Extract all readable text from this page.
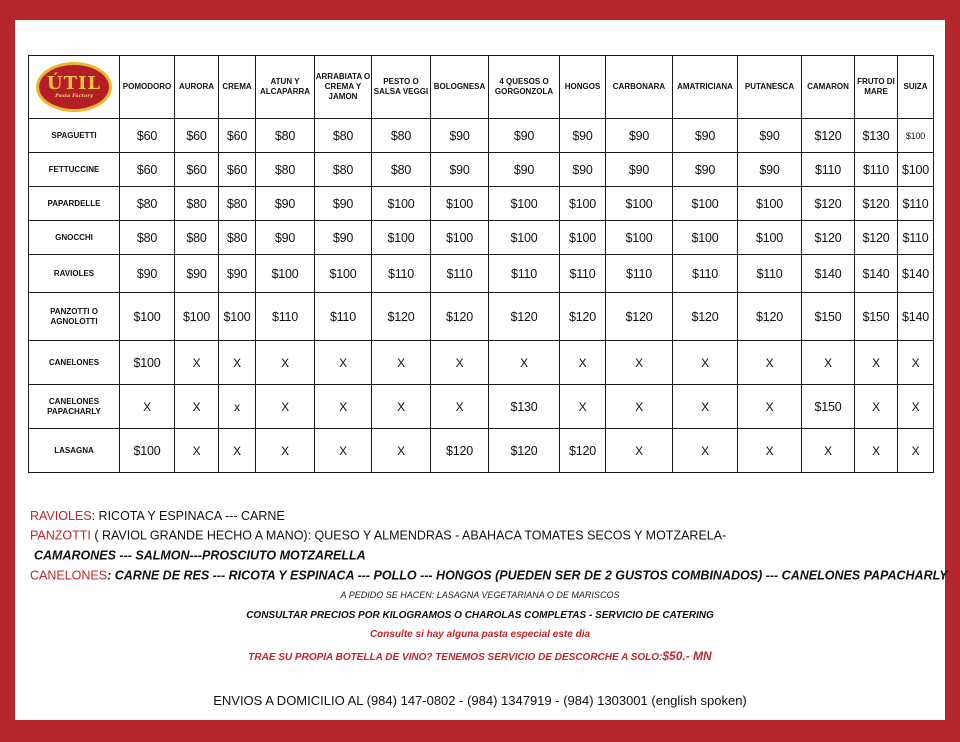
ÚTIL
Pasta Factory	POMODORO	AURORA	CREMA	ATUN Y ALCAPARRA	ARRABIATA O CREMA Y JAMON	PESTO O SALSA VEGGI	BOLOGNESA	4 QUESOS O GORGONZOLA	HONGOS	CARBONARA	AMATRICIANA	PUTANESCA	CAMARON	FRUTO DI MARE	SUIZA
SPAGUETTI	$60	$60	$60	$80	$80	$80	$90	$90	$90	$90	$90	$90	$120	$130	$100
FETTUCCINE	$60	$60	$60	$80	$80	$80	$90	$90	$90	$90	$90	$90	$110	$110	$100
PAPARDELLE	$80	$80	$80	$90	$90	$100	$100	$100	$100	$100	$100	$100	$120	$120	$110
GNOCCHI	$80	$80	$80	$90	$90	$100	$100	$100	$100	$100	$100	$100	$120	$120	$110
RAVIOLES	$90	$90	$90	$100	$100	$110	$110	$110	$110	$110	$110	$110	$140	$140	$140
PANZOTTI O AGNOLOTTI	$100	$100	$100	$110	$110	$120	$120	$120	$120	$120	$120	$120	$150	$150	$140
CANELONES	$100	X	X	X	X	X	X	X	X	X	X	X	X	X	X
CANELONES PAPACHARLY	X	X	x	X	X	X	X	$130	X	X	X	X	$150	X	X
LASAGNA	$100	X	X	X	X	X	$120	$120	$120	X	X	X	X	X	X
RAVIOLES: RICOTA Y ESPINACA --- CARNE
PANZOTTI ( RAVIOL GRANDE HECHO A MANO): QUESO Y ALMENDRAS - ABAHACA TOMATES SECOS Y MOTZARELA-
CAMARONES --- SALMON---PROSCIUTO MOTZARELLA
CANELONES: CARNE DE RES --- RICOTA Y ESPINACA --- POLLO --- HONGOS (PUEDEN SER DE 2 GUSTOS COMBINADOS) --- CANELONES PAPACHARLY
A PEDIDO SE HACEN: LASAGNA VEGETARIANA O DE MARISCOS
CONSULTAR PRECIOS POR KILOGRAMOS O CHAROLAS COMPLETAS - SERVICIO DE CATERING
Consulte si hay alguna pasta especial este dia
TRAE SU PROPIA BOTELLA DE VINO? TENEMOS SERVICIO DE DESCORCHE A SOLO:$50.- MN
ENVIOS A DOMICILIO AL (984) 147-0802 - (984) 1347919 - (984) 1303001 (english spoken)
